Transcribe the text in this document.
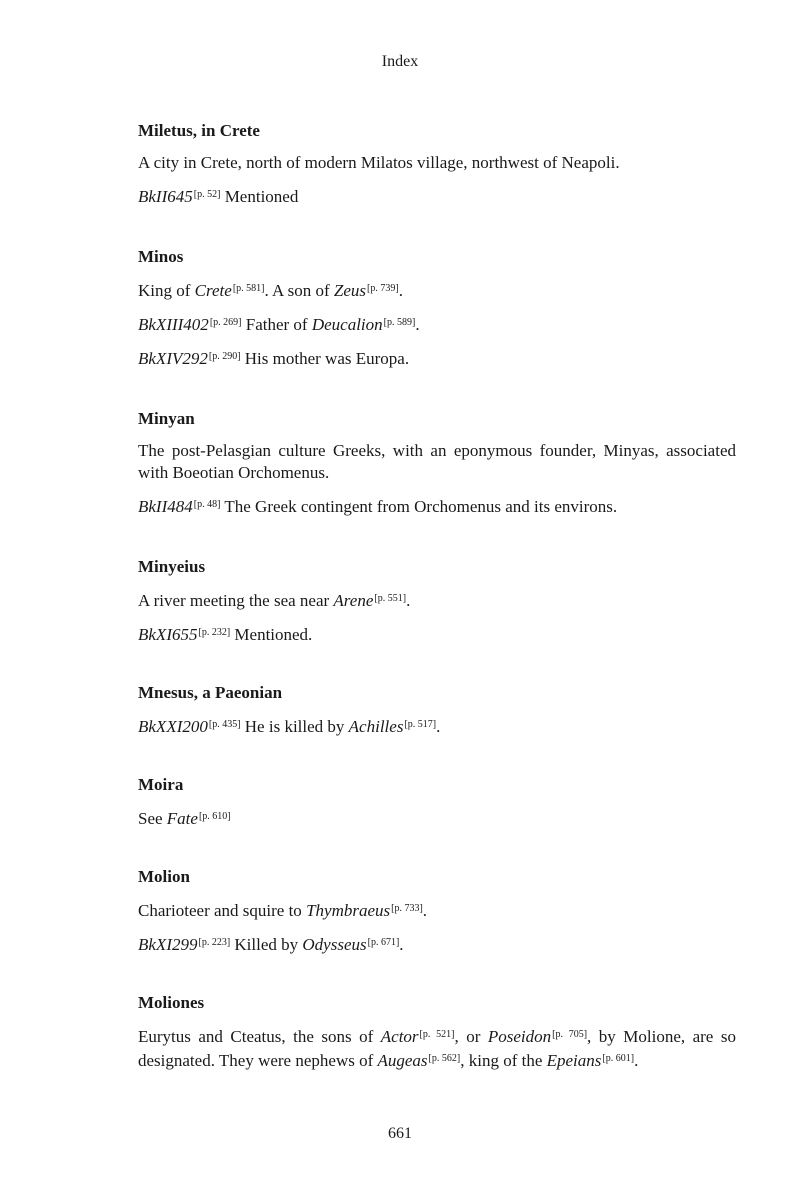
Index
Miletus, in Crete

A city in Crete, north of modern Milatos village, northwest of Neapoli.

BkII645[p. 52] Mentioned

Minos

King of Crete[p. 581]. A son of Zeus[p. 739].

BkXIII402[p. 269] Father of Deucalion[p. 589].

BkXIV292[p. 290] His mother was Europa.

Minyan

The post-Pelasgian culture Greeks, with an eponymous founder, Minyas, associated with Boeotian Orchomenus.

BkII484[p. 48] The Greek contingent from Orchomenus and its environs.

Minyeius

A river meeting the sea near Arene[p. 551].

BkXI655[p. 232] Mentioned.

Mnesus, a Paeonian

BkXXI200[p. 435] He is killed by Achilles[p. 517].

Moira

See Fate[p. 610]

Molion

Charioteer and squire to Thymbraeus[p. 733].

BkXI299[p. 223] Killed by Odysseus[p. 671].

Moliones

Eurytus and Cteatus, the sons of Actor[p. 521], or Poseidon[p. 705], by Molione, are so designated. They were nephews of Augeas[p. 562], king of the Epeians[p. 601].

661
